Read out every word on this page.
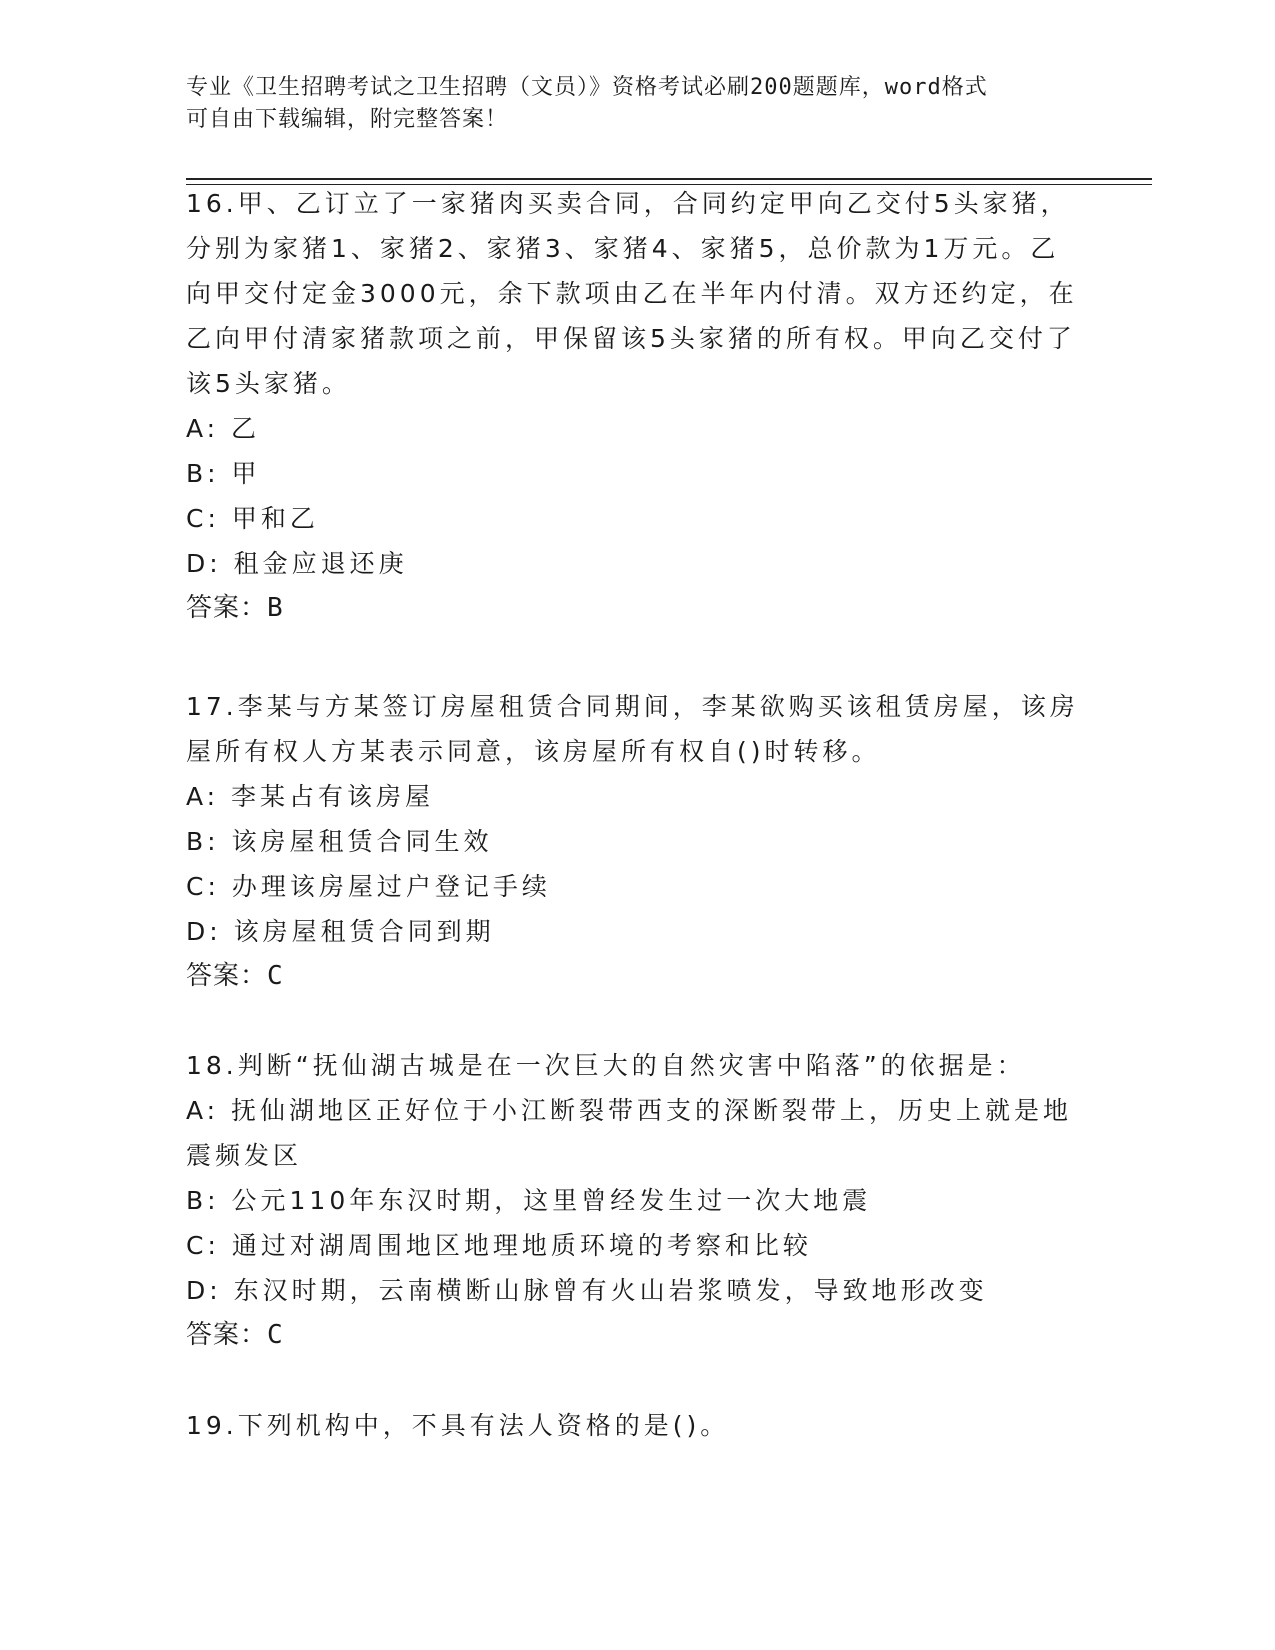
专业《卫生招聘考试之卫生招聘（文员）》资格考试必刷200题题库，word格式
可自由下载编辑，附完整答案！

16.甲、乙订立了一家猪肉买卖合同，合同约定甲向乙交付5头家猪，分别为家猪1、家猪2、家猪3、家猪4、家猪5，总价款为1万元。乙向甲交付定金3000元，余下款项由乙在半年内付清。双方还约定，在乙向甲付清家猪款项之前，甲保留该5头家猪的所有权。甲向乙交付了该5头家猪。

A: 乙

B: 甲

C: 甲和乙

D: 租金应退还庚

答案：B

17.李某与方某签订房屋租赁合同期间，李某欲购买该租赁房屋，该房屋所有权人方某表示同意，该房屋所有权自()时转移。

A: 李某占有该房屋

B: 该房屋租赁合同生效

C: 办理该房屋过户登记手续

D: 该房屋租赁合同到期

答案：C

18.判断“抚仙湖古城是在一次巨大的自然灾害中陷落”的依据是：

A: 抚仙湖地区正好位于小江断裂带西支的深断裂带上，历史上就是地震频发区

B: 公元110年东汉时期，这里曾经发生过一次大地震

C: 通过对湖周围地区地理地质环境的考察和比较

D: 东汉时期，云南横断山脉曾有火山岩浆喷发，导致地形改变

答案：C

19.下列机构中，不具有法人资格的是()。
